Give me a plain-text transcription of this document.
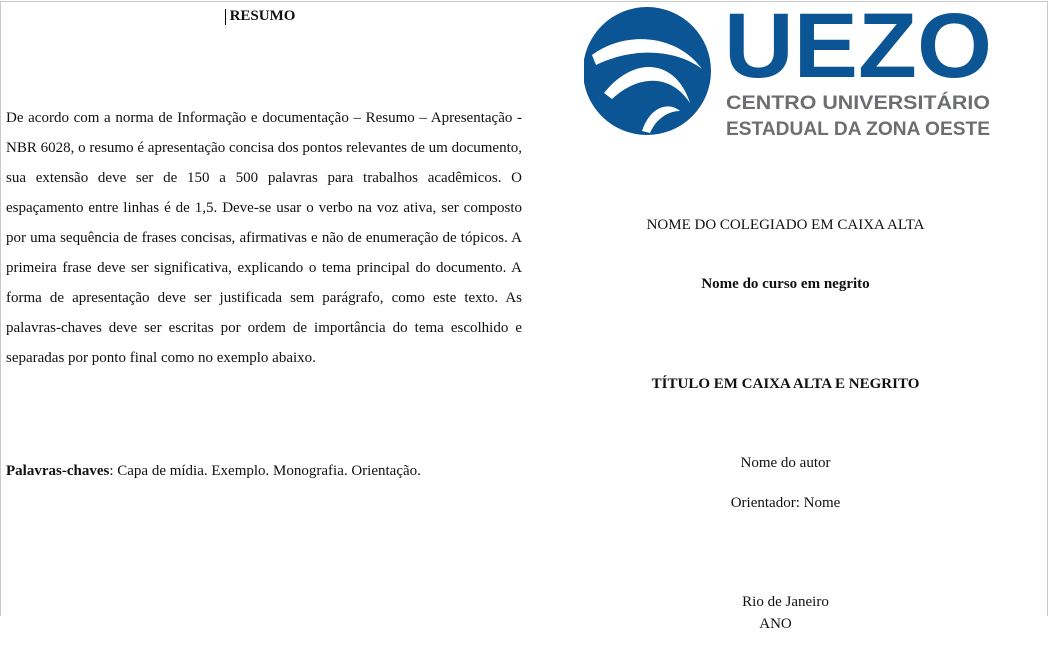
RESUMO

De acordo com a norma de Informação e documentação – Resumo – Apresentação -NBR 6028, o resumo é apresentação concisa dos pontos relevantes de um documento, sua extensão deve ser de 150 a 500 palavras para trabalhos acadêmicos. O espaçamento entre linhas é de 1,5. Deve-se usar o verbo na voz ativa, ser composto por uma sequência de frases concisas, afirmativas e não de enumeração de tópicos. A primeira frase deve ser significativa, explicando o tema principal do documento. A forma de apresentação deve ser justificada sem parágrafo, como este texto. As palavras-chaves deve ser escritas por ordem de importância do tema escolhido e separadas por ponto final como no exemplo abaixo.

Palavras-chaves: Capa de mídia. Exemplo. Monografia. Orientação.

UEZO
CENTRO UNIVERSITÁRIO
ESTADUAL DA ZONA OESTE
NOME DO COLEGIADO EM CAIXA ALTA
Nome do curso em negrito
TÍTULO EM CAIXA ALTA E NEGRITO
Nome do autor
Orientador: Nome
Rio de Janeiro
ANO
